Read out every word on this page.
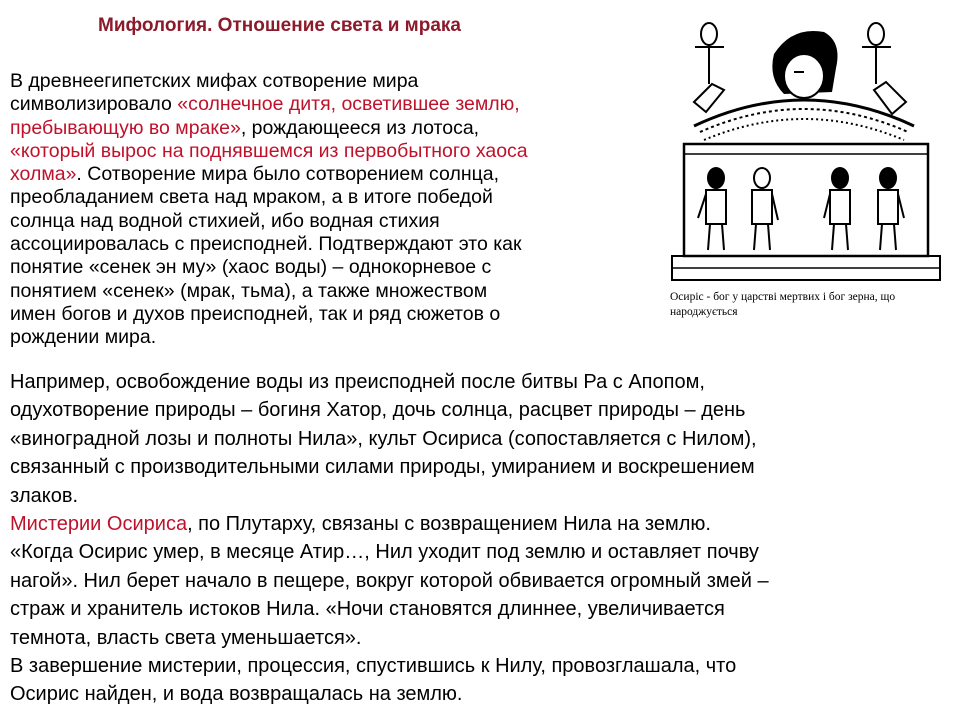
Мифология. Отношение света и мрака
В древнеегипетских мифах сотворение мира
символизировало «солнечное дитя, осветившее землю,
пребывающую во мраке», рождающееся из лотоса,
«который вырос на поднявшемся из первобытного хаоса
холма». Сотворение мира было сотворением солнца,
преобладанием света над мраком, а в итоге победой
солнца над водной стихией, ибо водная стихия
ассоциировалась с преисподней. Подтверждают это как
понятие «сенек эн му» (хаос воды) – однокорневое с
понятием «сенек» (мрак, тьма), а также множеством
имен богов и духов преисподней, так и ряд сюжетов о
рождении мира.
Осиріс - бог у царстві мертвих і бог зерна, що народжується
Например, освобождение воды из преисподней после битвы Ра с Апопом,
одухотворение природы – богиня Хатор, дочь солнца, расцвет природы – день
«виноградной лозы и полноты Нила», культ Осириса (сопоставляется с Нилом),
связанный с производительными силами природы, умиранием и воскрешением
злаков.
Мистерии Осириса, по Плутарху, связаны с возвращением Нила на землю.
«Когда Осирис умер, в месяце Атир…, Нил уходит под землю и оставляет почву
нагой». Нил берет начало в пещере, вокруг которой обвивается огромный змей –
страж и хранитель истоков Нила. «Ночи становятся длиннее, увеличивается
темнота, власть света уменьшается».
В завершение мистерии, процессия, спустившись к Нилу, провозглашала, что
Осирис найден, и вода возвращалась на землю.
